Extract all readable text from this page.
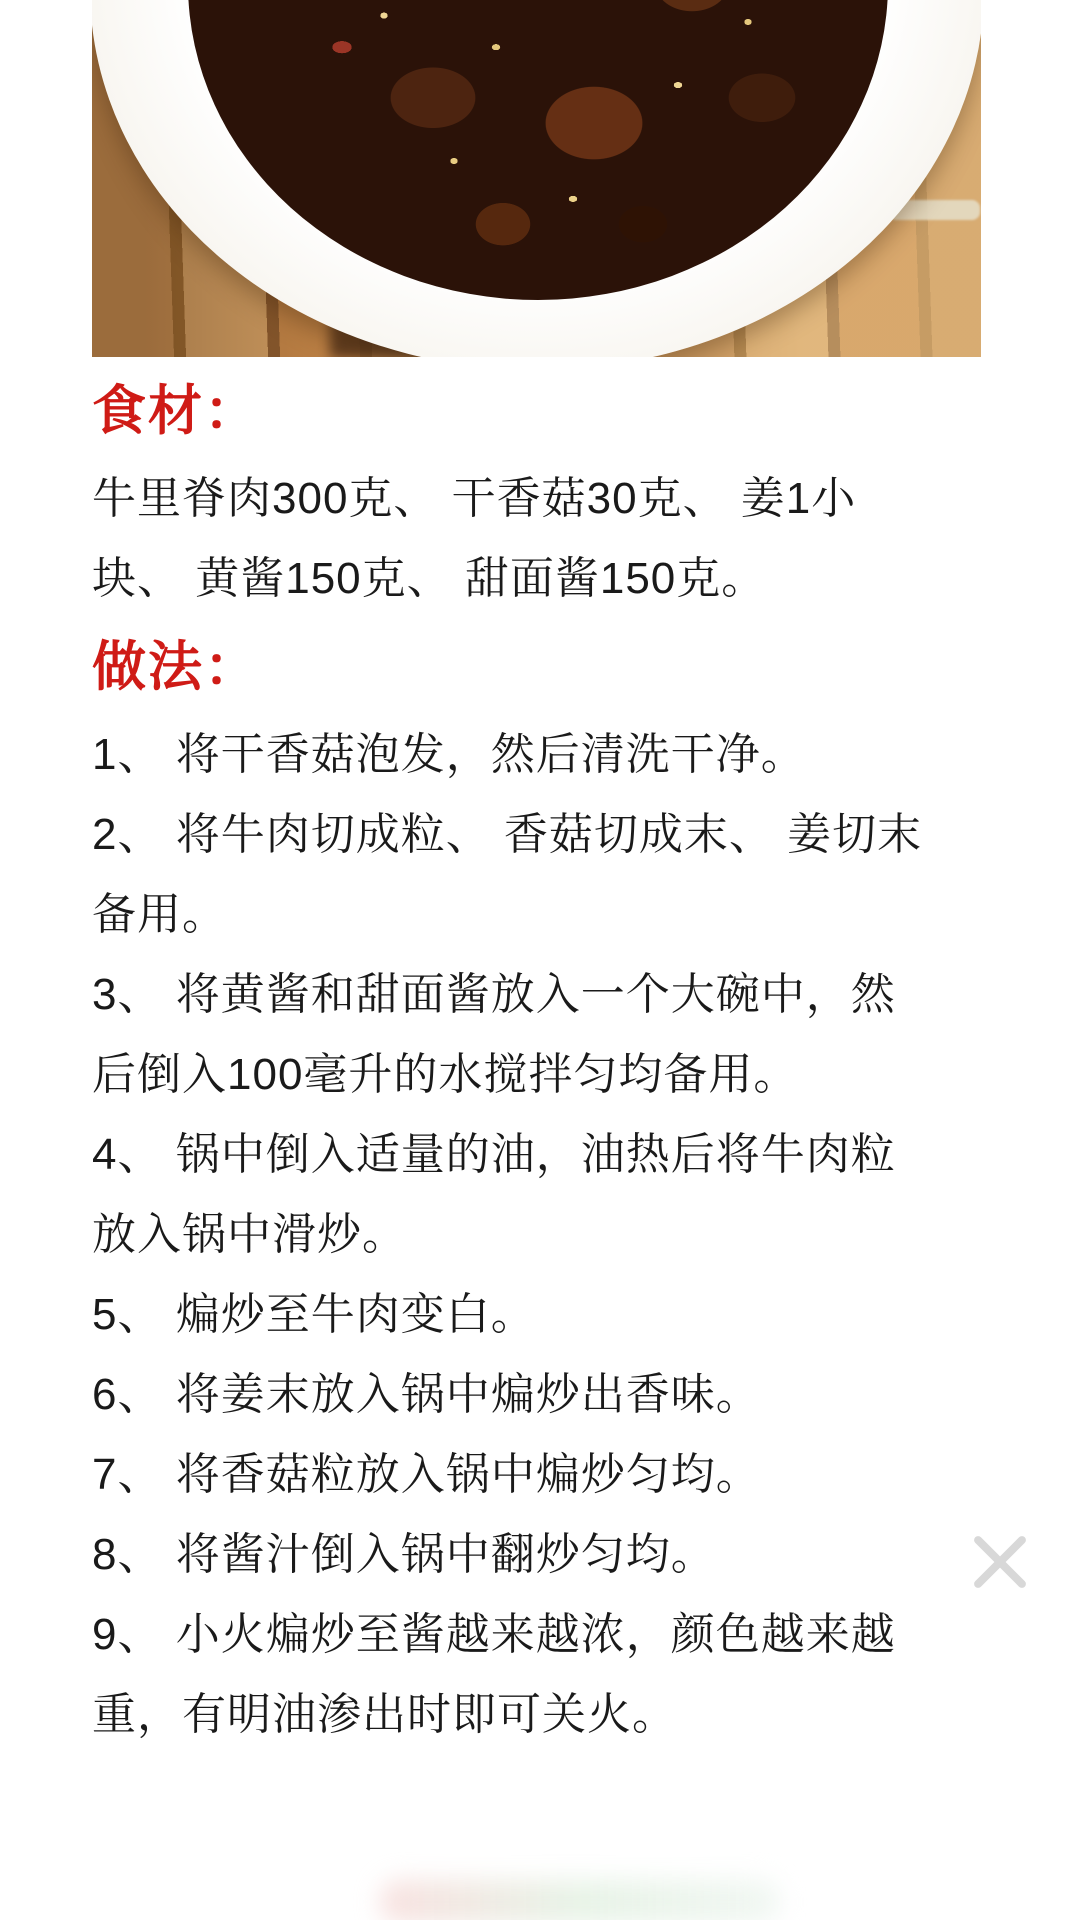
食材：

牛里脊肉300克、 干香菇30克、 姜1小块、 黄酱150克、 甜面酱150克。

做法：

1、 将干香菇泡发，然后清洗干净。

2、 将牛肉切成粒、 香菇切成末、 姜切末备用。

3、 将黄酱和甜面酱放入一个大碗中，然后倒入100毫升的水搅拌匀均备用。

4、 锅中倒入适量的油，油热后将牛肉粒放入锅中滑炒。

5、 煸炒至牛肉变白。

6、 将姜末放入锅中煸炒出香味。

7、 将香菇粒放入锅中煸炒匀均。

8、 将酱汁倒入锅中翻炒匀均。

9、 小火煸炒至酱越来越浓，颜色越来越重，有明油渗出时即可关火。
